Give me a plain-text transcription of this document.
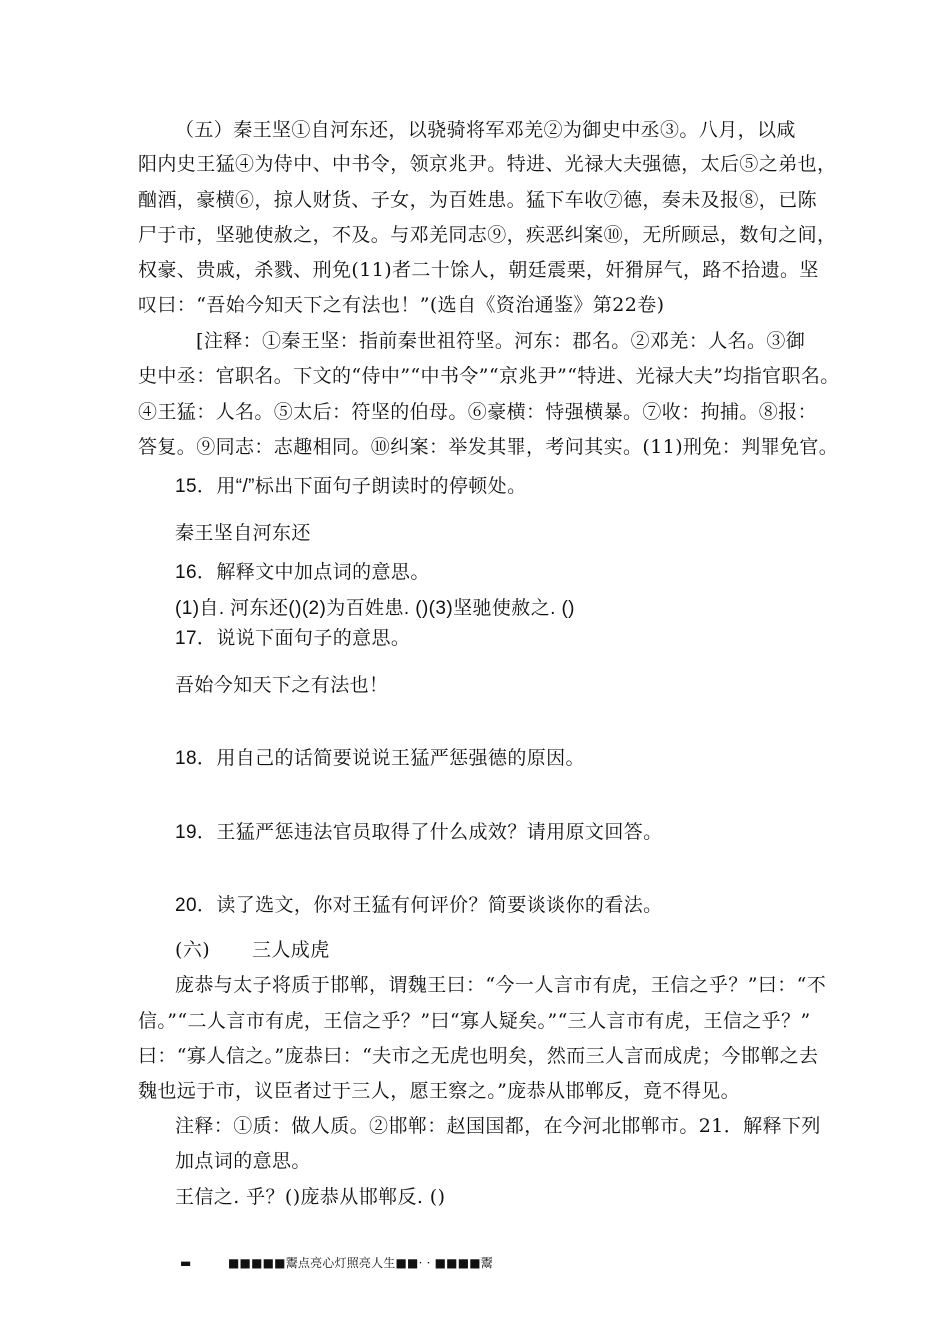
（五）秦王坚①自河东还，以骁骑将军邓羌②为御史中丞③。八月，以咸
阳内史王猛④为侍中、中书令，领京兆尹。特进、光禄大夫强德，太后⑤之弟也，
酗酒，豪横⑥，掠人财货、子女，为百姓患。猛下车收⑦德，奏未及报⑧，已陈
尸于市，坚驰使赦之，不及。与邓羌同志⑨，疾恶纠案⑩，无所顾忌，数旬之间，
权豪、贵戚，杀戮、刑免(11)者二十馀人，朝廷震栗，奸猾屏气，路不拾遗。坚
叹曰：“吾始今知天下之有法也！”(选自《资治通鉴》第22卷)
[注释：①秦王坚：指前秦世祖符坚。河东：郡名。②邓羌：人名。③御
史中丞：官职名。下文的“侍中”“中书令”“京兆尹”“特进、光禄大夫”均指官职名。
④王猛：人名。⑤太后：符坚的伯母。⑥豪横：恃强横暴。⑦收：拘捕。⑧报：
答复。⑨同志：志趣相同。⑩纠案：举发其罪，考问其实。(11)刑免：判罪免官。
15．用“/”标出下面句子朗读时的停顿处。
秦王坚自河东还
16．解释文中加点词的意思。
(1)自. 河东还()(2)为百姓患. ()(3)坚驰使赦之. ()
17．说说下面句子的意思。
吾始今知天下之有法也！
18．用自己的话简要说说王猛严惩强德的原因。
19．王猛严惩违法官员取得了什么成效？请用原文回答。
20．读了选文，你对王猛有何评价？简要谈谈你的看法。
(六) 三人成虎
庞恭与太子将质于邯郸，谓魏王曰：“今一人言市有虎，王信之乎？”曰：“不
信。”“二人言市有虎，王信之乎？”曰“寡人疑矣。”“三人言市有虎，王信之乎？”
曰：“寡人信之。”庞恭曰：“夫市之无虎也明矣，然而三人言而成虎；今邯郸之去
魏也远于市，议臣者过于三人，愿王察之。”庞恭从邯郸反，竟不得见。
注释：①质：做人质。②邯郸：赵国国都，在今河北邯郸市。21．解释下列
加点词的意思。
王信之. 乎？()庞恭从邯郸反. ()
▬	■■■■■鬻点亮心灯照亮人生■■· · ■■■■鬻
